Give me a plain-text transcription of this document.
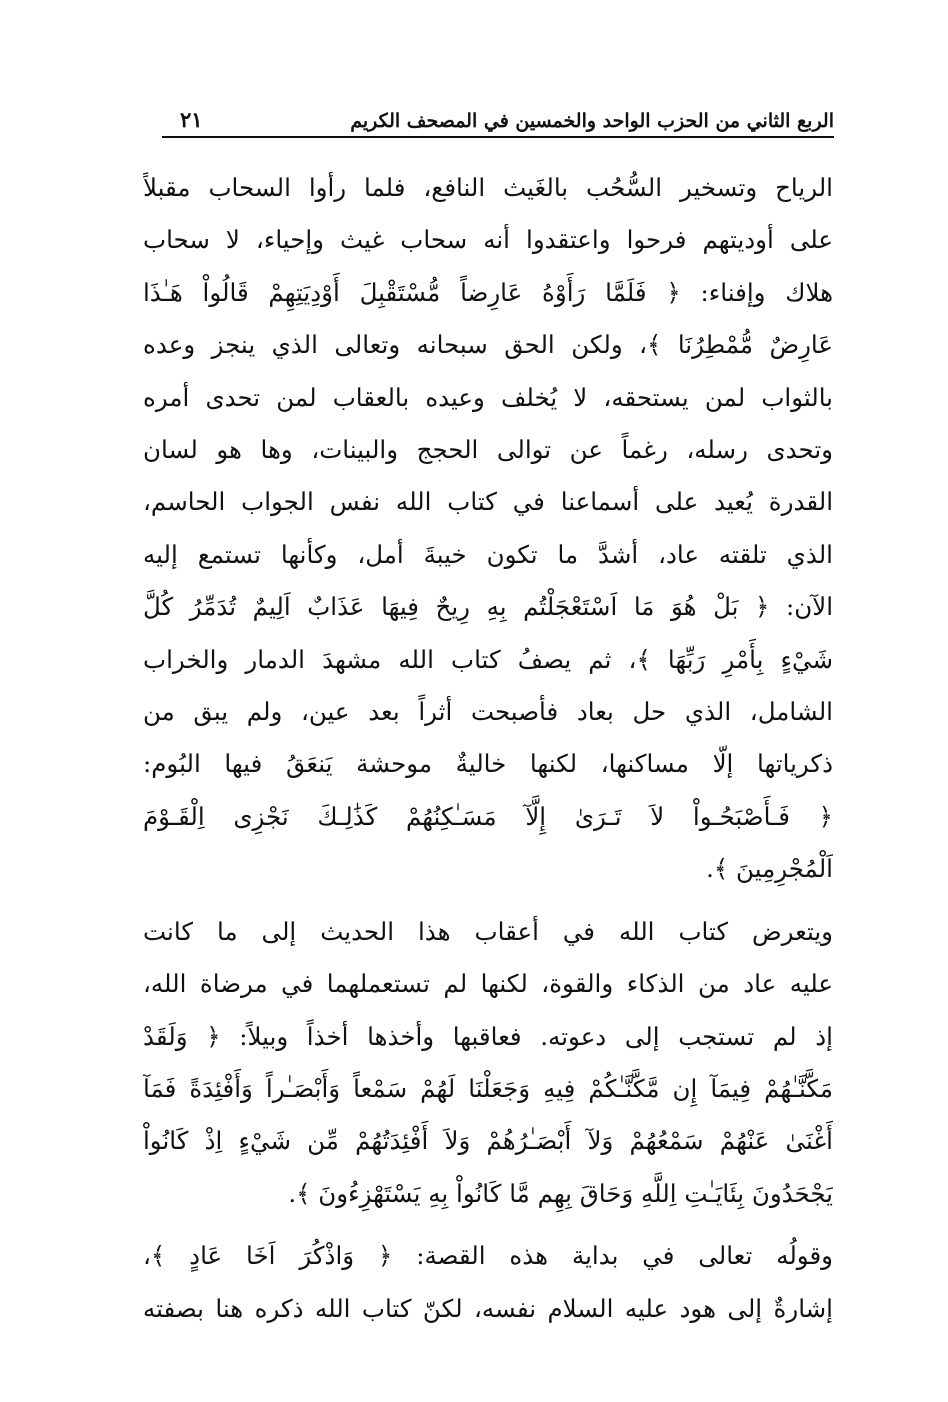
الربع الثاني من الحزب الواحد والخمسين في المصحف الكريم
٢١

الرياح وتسخير السُّحُب بالغَيث النافع، فلما رأوا السحاب مقبلاً
على أوديتهم فرحوا واعتقدوا أنه سحاب غيث وإحياء، لا سحاب
هلاك وإفناء: ﴿ فَلَمَّا رَأَوْهُ عَارِضاً مُّسْتَقْبِلَ أَوْدِيَتِهِمْ قَالُواْ هَـٰذَا
عَارِضٌ مُّمْطِرُنَا ﴾، ولكن الحق سبحانه وتعالى الذي ينجز وعده
بالثواب لمن يستحقه، لا يُخلف وعيده بالعقاب لمن تحدى أمره
وتحدى رسله، رغماً عن توالى الحجج والبينات، وها هو لسان
القدرة يُعيد على أسماعنا في كتاب الله نفس الجواب الحاسم،
الذي تلقته عاد، أشدَّ ما تكون خيبةَ أمل، وكأنها تستمع إليه
الآن: ﴿ بَلْ هُوَ مَا اَسْتَعْجَلْتُم بِهِ رِيحٌ فِيهَا عَذَابٌ اَلِيمٌ تُدَمِّرُ كُلَّ
شَيْءٍ بِأَمْرِ رَبِّهَا ﴾، ثم يصفُ كتاب الله مشهدَ الدمار والخراب
الشامل، الذي حل بعاد فأصبحت أثراً بعد عين، ولم يبق من
ذكرياتها إلّا مساكنها، لكنها خاليةٌ موحشة يَنعَقُ فيها البُوم:
﴿ فَـأَصْبَحُـواْ لاَ تَـرَىٰ إِلَّآ مَسَـٰكِنُهُمْ كَذَٰلِـكَ نَجْزِى اِلْقَـوْمَ
اَلْمُجْرِمِينَ ﴾.

ويتعرض كتاب الله في أعقاب هذا الحديث إلى ما كانت
عليه عاد من الذكاء والقوة، لكنها لم تستعملهما في مرضاة الله،
إذ لم تستجب إلى دعوته. فعاقبها وأخذها أخذاً وبيلاً: ﴿ وَلَقَدْ
مَكَّنَّـٰهُمْ فِيمَآ إِن مَّكَّنَّـٰكُمْ فِيهِ وَجَعَلْنَا لَهُمْ سَمْعاً وَأَبْصَـٰراً وَأَفْئِدَةً فَمَآ
أَغْنَىٰ عَنْهُمْ سَمْعُهُمْ وَلآ أَبْصَـٰرُهُمْ وَلاَ أَفْئِدَتُهُمْ مِّن شَيْءٍ اِذْ كَانُواْ
يَجْحَدُونَ بِئَايَـٰتِ اِللَّهِ وَحَاقَ بِهِم مَّا كَانُواْ بِهِ يَسْتَهْزِءُونَ ﴾.

وقولُه تعالى في بداية هذه القصة: ﴿ وَاذْكُرَ اَخَا عَادٍ ﴾،
إشارةٌ إلى هود عليه السلام نفسه، لكنّ كتاب الله ذكره هنا بصفته
